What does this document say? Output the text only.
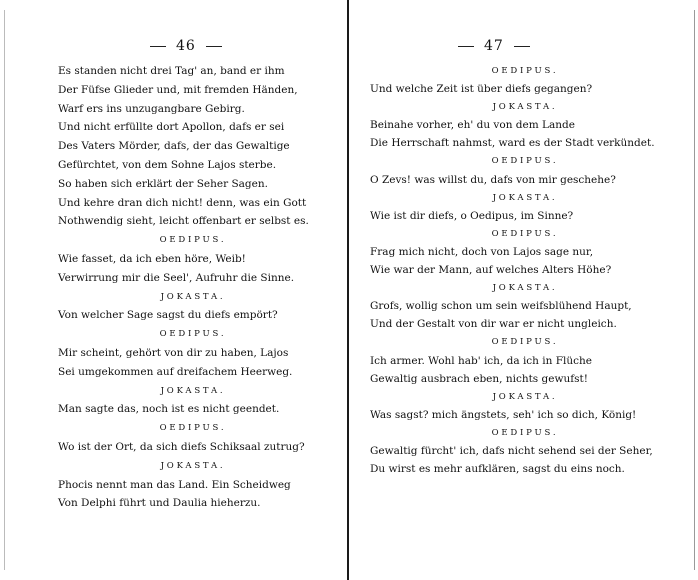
46
Es standen nicht drei Tag' an, band er ihm
Der Füfse Glieder und, mit fremden Händen,
Warf ers ins unzugangbare Gebirg.
Und nicht erfüllte dort Apollon, dafs er sei
Des Vaters Mörder, dafs, der das Gewaltige
Gefürchtet, von dem Sohne Lajos sterbe.
So haben sich erklärt der Seher Sagen.
Und kehre dran dich nicht! denn, was ein Gott
Nothwendig sieht, leicht offenbart er selbst es.
OEDIPUS.
Wie fasset, da ich eben höre, Weib!
Verwirrung mir die Seel', Aufruhr die Sinne.
JOKASTA.
Von welcher Sage sagst du diefs empört?
OEDIPUS.
Mir scheint, gehört von dir zu haben, Lajos
Sei umgekommen auf dreifachem Heerweg.
JOKASTA.
Man sagte das, noch ist es nicht geendet.
OEDIPUS.
Wo ist der Ort, da sich diefs Schiksaal zutrug?
JOKASTA.
Phocis nennt man das Land. Ein Scheidweg
Von Delphi führt und Daulia hieherzu.
47
OEDIPUS.
Und welche Zeit ist über diefs gegangen?
JOKASTA.
Beinahe vorher, eh' du von dem Lande
Die Herrschaft nahmst, ward es der Stadt verkündet.
OEDIPUS.
O Zevs! was willst du, dafs von mir geschehe?
JOKASTA.
Wie ist dir diefs, o Oedipus, im Sinne?
OEDIPUS.
Frag mich nicht, doch von Lajos sage nur,
Wie war der Mann, auf welches Alters Höhe?
JOKASTA.
Grofs, wollig schon um sein weifsblühend Haupt,
Und der Gestalt von dir war er nicht ungleich.
OEDIPUS.
Ich armer. Wohl hab' ich, da ich in Flüche
Gewaltig ausbrach eben, nichts gewufst!
JOKASTA.
Was sagst? mich ängstets, seh' ich so dich, König!
OEDIPUS.
Gewaltig fürcht' ich, dafs nicht sehend sei der Seher,
Du wirst es mehr aufklären, sagst du eins noch.
